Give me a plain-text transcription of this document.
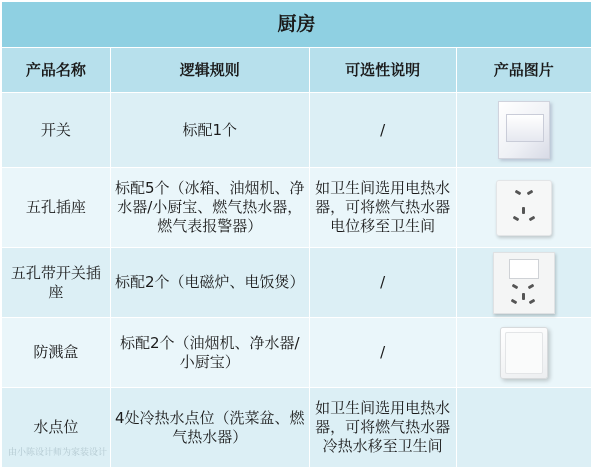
厨房			
产品名称	逻辑规则	可选性说明	产品图片
开关	标配1个	/	

五孔插座	标配5个（冰箱、油烟机、净水器/小厨宝、燃气热水器，燃气表报警器）	如卫生间选用电热水器，可将燃气热水器电位移至卫生间	

五孔带开关插座	标配2个（电磁炉、电饭煲）	/	

防溅盒	标配2个（油烟机、净水器/小厨宝）	/	

水点位	4处冷热水点位（洗菜盆、燃气热水器）	如卫生间选用电热水器，可将燃气热水器冷热水移至卫生间	
由小陈设计师为家装设计
